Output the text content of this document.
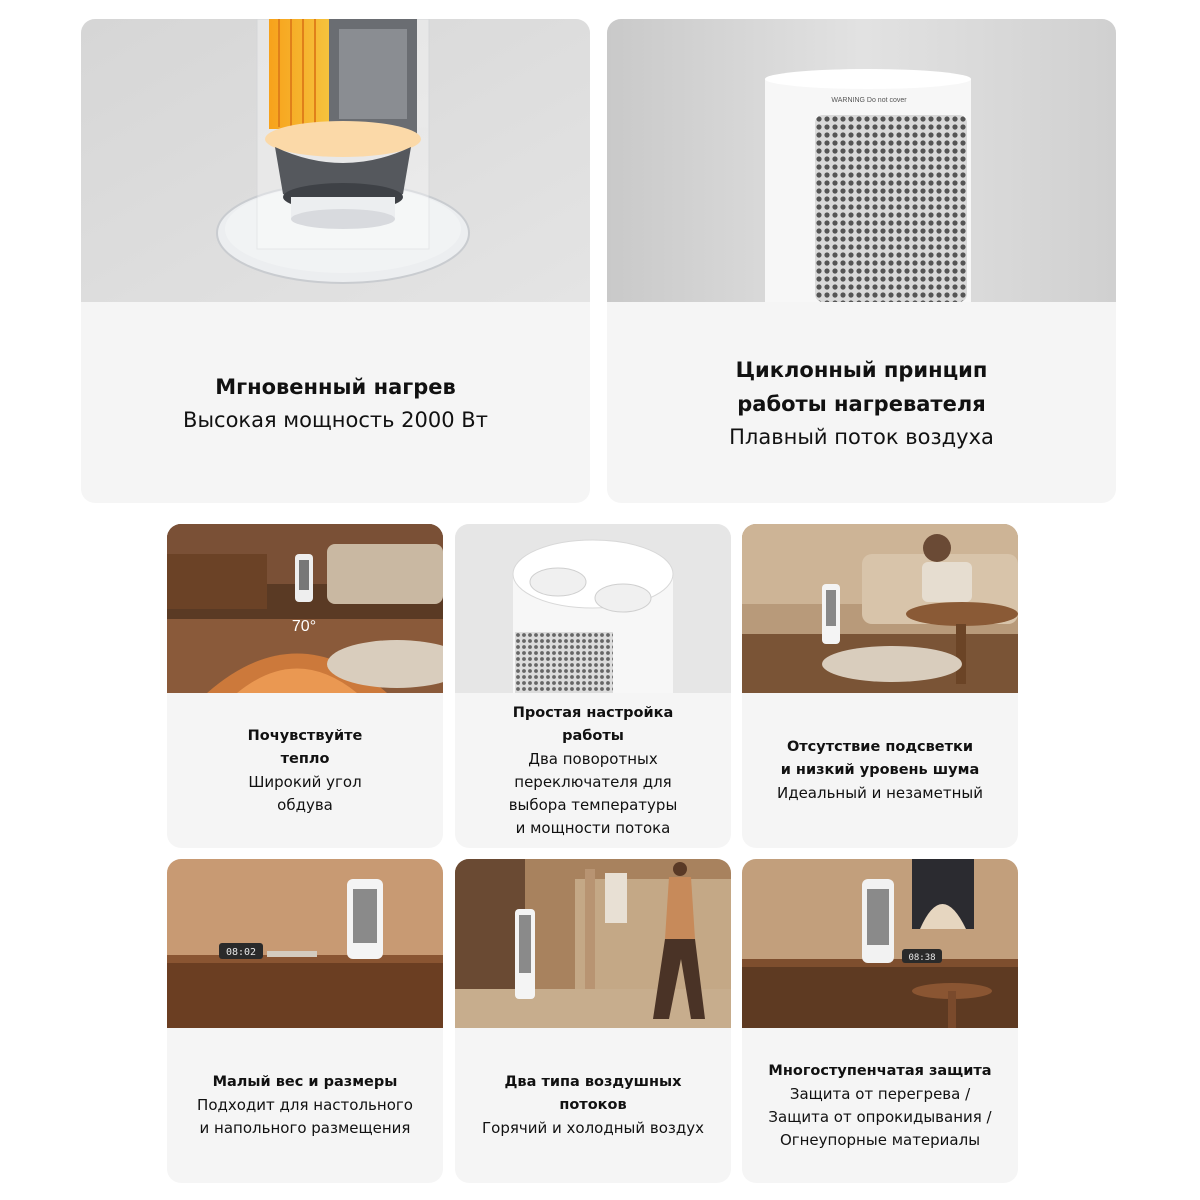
Мгновенный нагрев
Высокая мощность 2000 Вт
WARNING Do not cover
Циклонный принцип
работы нагревателя
Плавный поток воздуха
70°
Почувствуйте
тепло
Широкий угол
обдува
Простая настройка
работы
Два поворотных
переключателя для
выбора температуры
и мощности потока
Отсутствие подсветки
и низкий уровень шума
Идеальный и незаметный
08:02
Малый вес и размеры
Подходит для настольного
и напольного размещения
Два типа воздушных
потоков
Горячий и холодный воздух
08:38
Многоступенчатая защита
Защита от перегрева /
Защита от опрокидывания /
Огнеупорные материалы
